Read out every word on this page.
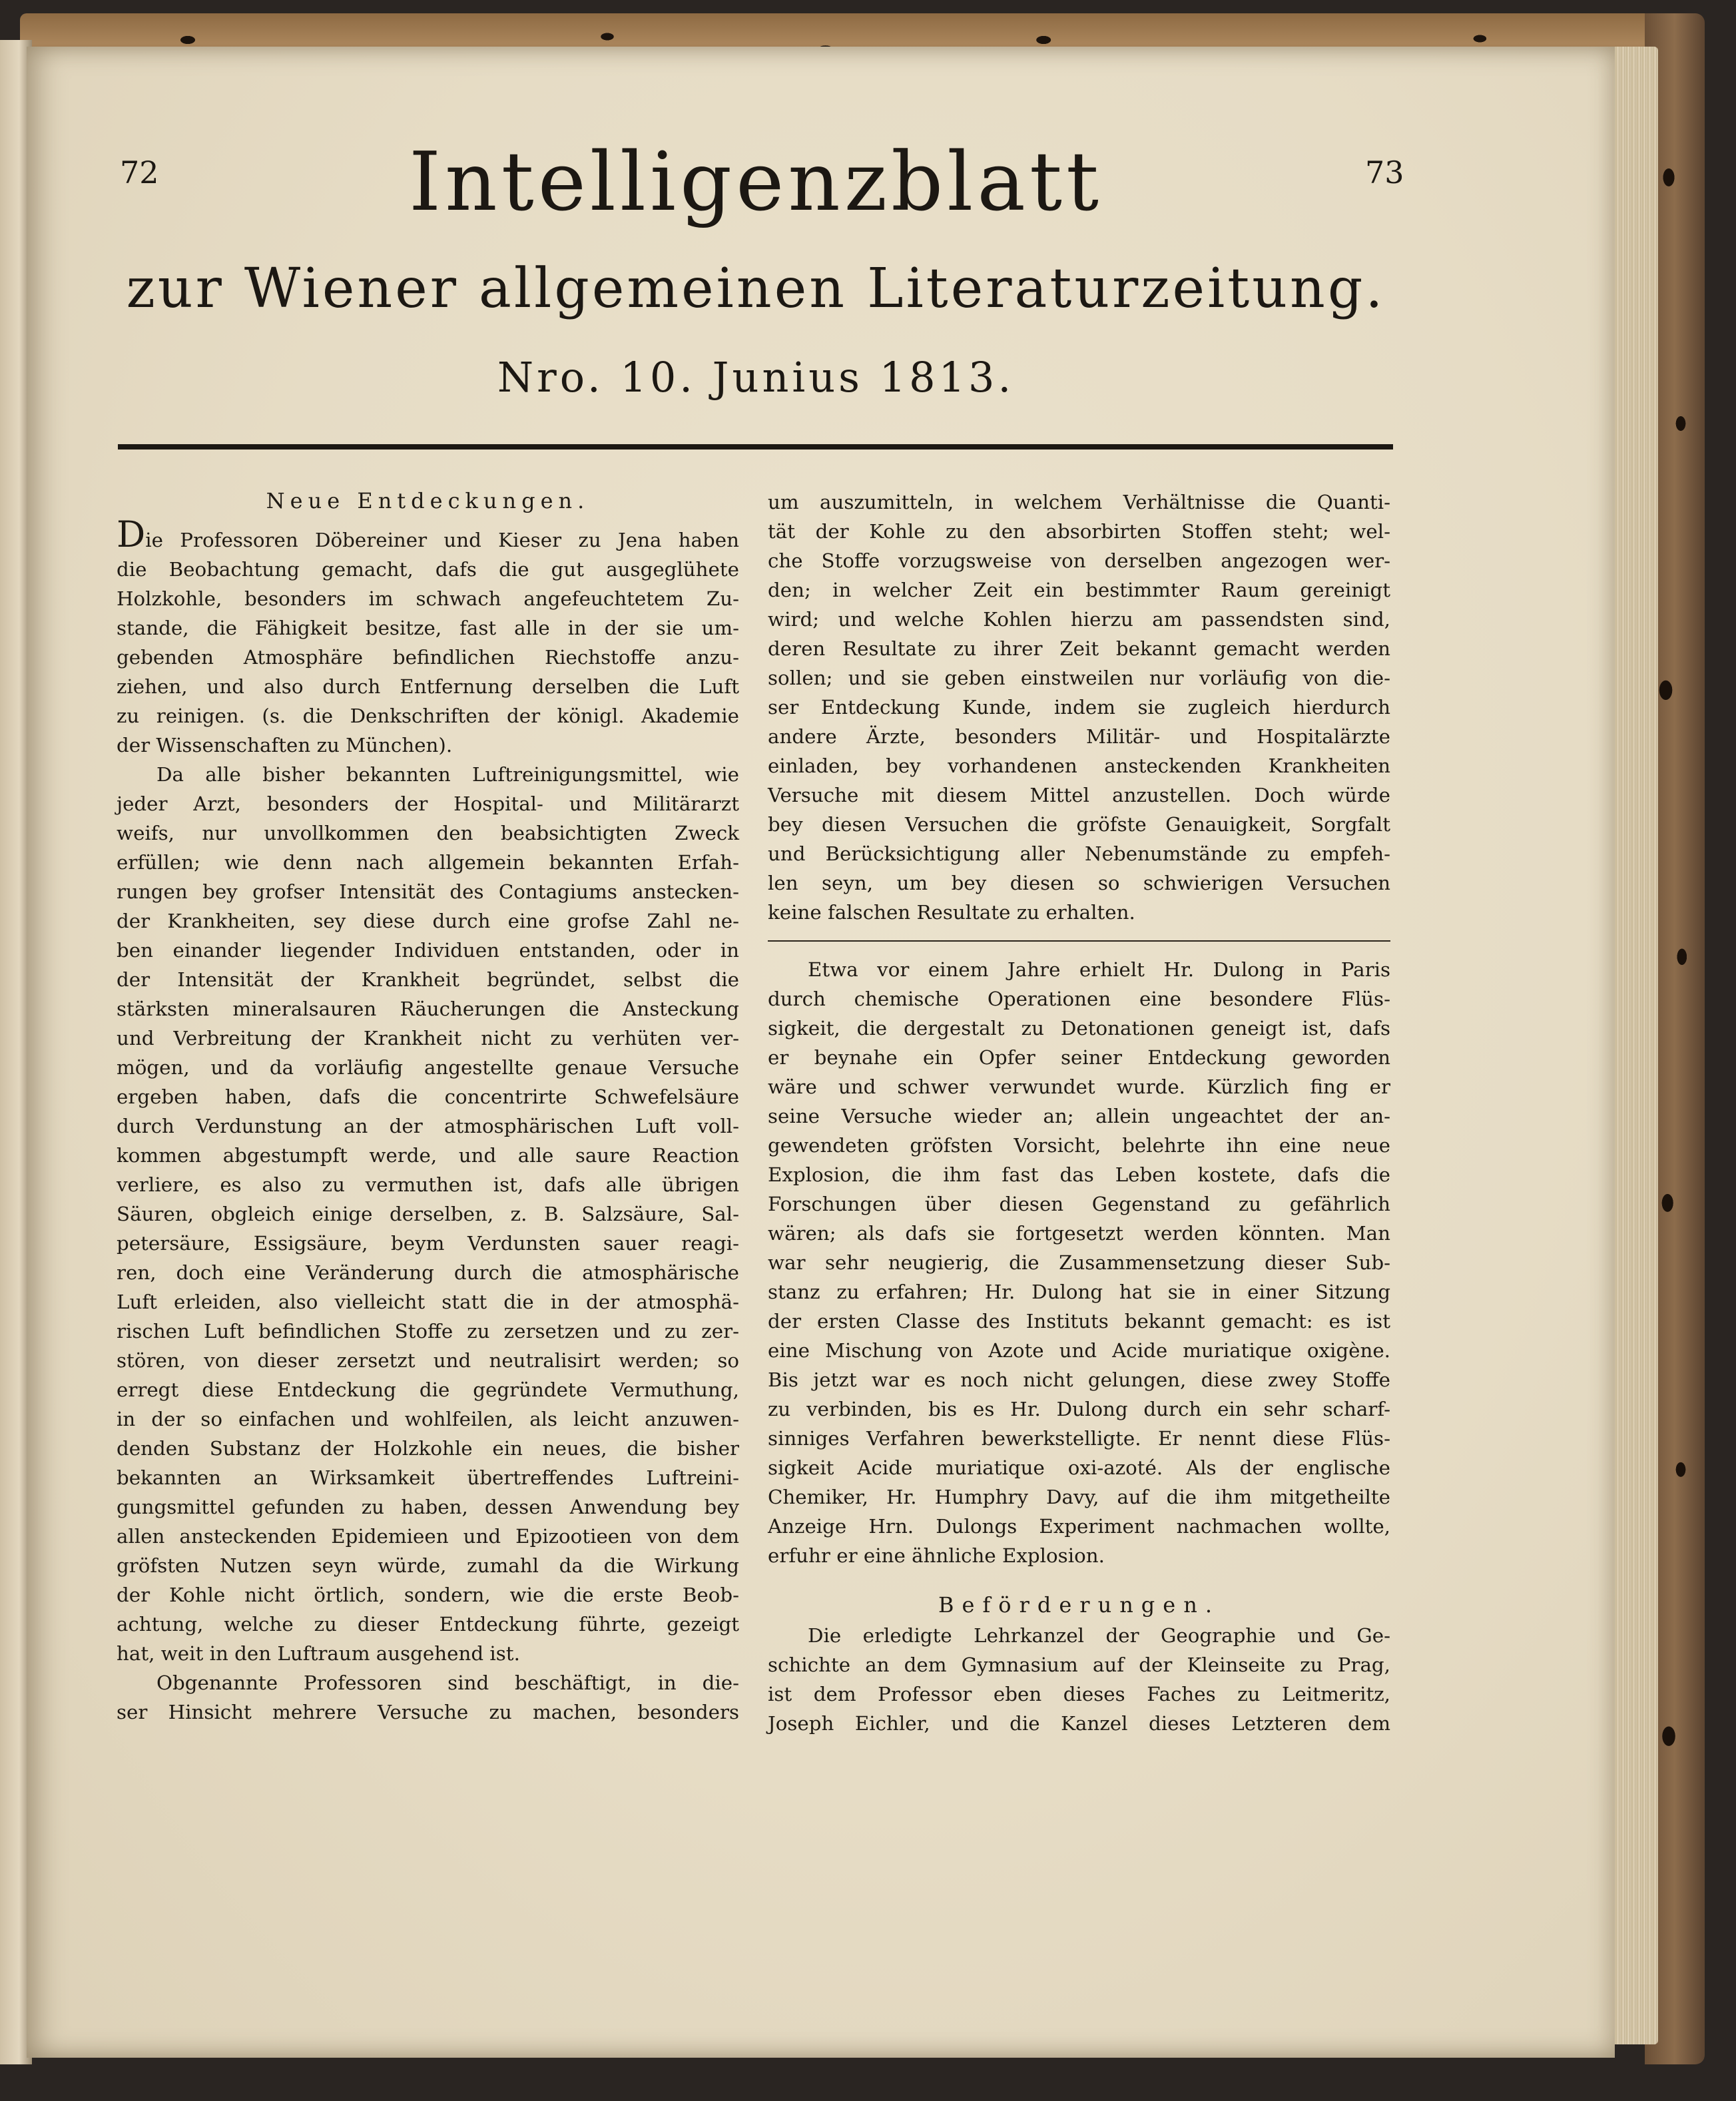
72	73
Intelligenzblatt
zur Wiener allgemeinen Literaturzeitung.
Nro. 10. Junius 1813.
Neue Entdeckungen.

Die Professoren Döbereiner und Kieser zu Jena haben

die Beobachtung gemacht, dafs die gut ausgeglühete

Holzkohle, besonders im schwach angefeuchtetem Zu-

stande, die Fähigkeit besitze, fast alle in der sie um-

gebenden Atmosphäre befindlichen Riechstoffe anzu-

ziehen, und also durch Entfernung derselben die Luft

zu reinigen. (s. die Denkschriften der königl. Akademie

der Wissenschaften zu München).

Da alle bisher bekannten Luftreinigungsmittel, wie

jeder Arzt, besonders der Hospital- und Militärarzt

weifs, nur unvollkommen den beabsichtigten Zweck

erfüllen; wie denn nach allgemein bekannten Erfah-

rungen bey grofser Intensität des Contagiums anstecken-

der Krankheiten, sey diese durch eine grofse Zahl ne-

ben einander liegender Individuen entstanden, oder in

der Intensität der Krankheit begründet, selbst die

stärksten mineralsauren Räucherungen die Ansteckung

und Verbreitung der Krankheit nicht zu verhüten ver-

mögen, und da vorläufig angestellte genaue Versuche

ergeben haben, dafs die concentrirte Schwefelsäure

durch Verdunstung an der atmosphärischen Luft voll-

kommen abgestumpft werde, und alle saure Reaction

verliere, es also zu vermuthen ist, dafs alle übrigen

Säuren, obgleich einige derselben, z. B. Salzsäure, Sal-

petersäure, Essigsäure, beym Verdunsten sauer reagi-

ren, doch eine Veränderung durch die atmosphärische

Luft erleiden, also vielleicht statt die in der atmosphä-

rischen Luft befindlichen Stoffe zu zersetzen und zu zer-

stören, von dieser zersetzt und neutralisirt werden; so

erregt diese Entdeckung die gegründete Vermuthung,

in der so einfachen und wohlfeilen, als leicht anzuwen-

denden Substanz der Holzkohle ein neues, die bisher

bekannten an Wirksamkeit übertreffendes Luftreini-

gungsmittel gefunden zu haben, dessen Anwendung bey

allen ansteckenden Epidemieen und Epizootieen von dem

gröfsten Nutzen seyn würde, zumahl da die Wirkung

der Kohle nicht örtlich, sondern, wie die erste Beob-

achtung, welche zu dieser Entdeckung führte, gezeigt

hat, weit in den Luftraum ausgehend ist.

Obgenannte Professoren sind beschäftigt, in die-

ser Hinsicht mehrere Versuche zu machen, besonders

um auszumitteln, in welchem Verhältnisse die Quanti-

tät der Kohle zu den absorbirten Stoffen steht; wel-

che Stoffe vorzugsweise von derselben angezogen wer-

den; in welcher Zeit ein bestimmter Raum gereinigt

wird; und welche Kohlen hierzu am passendsten sind,

deren Resultate zu ihrer Zeit bekannt gemacht werden

sollen; und sie geben einstweilen nur vorläufig von die-

ser Entdeckung Kunde, indem sie zugleich hierdurch

andere Ärzte, besonders Militär- und Hospitalärzte

einladen, bey vorhandenen ansteckenden Krankheiten

Versuche mit diesem Mittel anzustellen. Doch würde

bey diesen Versuchen die gröfste Genauigkeit, Sorgfalt

und Berücksichtigung aller Nebenumstände zu empfeh-

len seyn, um bey diesen so schwierigen Versuchen

keine falschen Resultate zu erhalten.

Etwa vor einem Jahre erhielt Hr. Dulong in Paris

durch chemische Operationen eine besondere Flüs-

sigkeit, die dergestalt zu Detonationen geneigt ist, dafs

er beynahe ein Opfer seiner Entdeckung geworden

wäre und schwer verwundet wurde. Kürzlich fing er

seine Versuche wieder an; allein ungeachtet der an-

gewendeten gröfsten Vorsicht, belehrte ihn eine neue

Explosion, die ihm fast das Leben kostete, dafs die

Forschungen über diesen Gegenstand zu gefährlich

wären; als dafs sie fortgesetzt werden könnten. Man

war sehr neugierig, die Zusammensetzung dieser Sub-

stanz zu erfahren; Hr. Dulong hat sie in einer Sitzung

der ersten Classe des Instituts bekannt gemacht: es ist

eine Mischung von Azote und Acide muriatique oxigène.

Bis jetzt war es noch nicht gelungen, diese zwey Stoffe

zu verbinden, bis es Hr. Dulong durch ein sehr scharf-

sinniges Verfahren bewerkstelligte. Er nennt diese Flüs-

sigkeit Acide muriatique oxi-azoté. Als der englische

Chemiker, Hr. Humphry Davy, auf die ihm mitgetheilte

Anzeige Hrn. Dulongs Experiment nachmachen wollte,

erfuhr er eine ähnliche Explosion.

Beförderungen.

Die erledigte Lehrkanzel der Geographie und Ge-

schichte an dem Gymnasium auf der Kleinseite zu Prag,

ist dem Professor eben dieses Faches zu Leitmeritz,

Joseph Eichler, und die Kanzel dieses Letzteren dem
